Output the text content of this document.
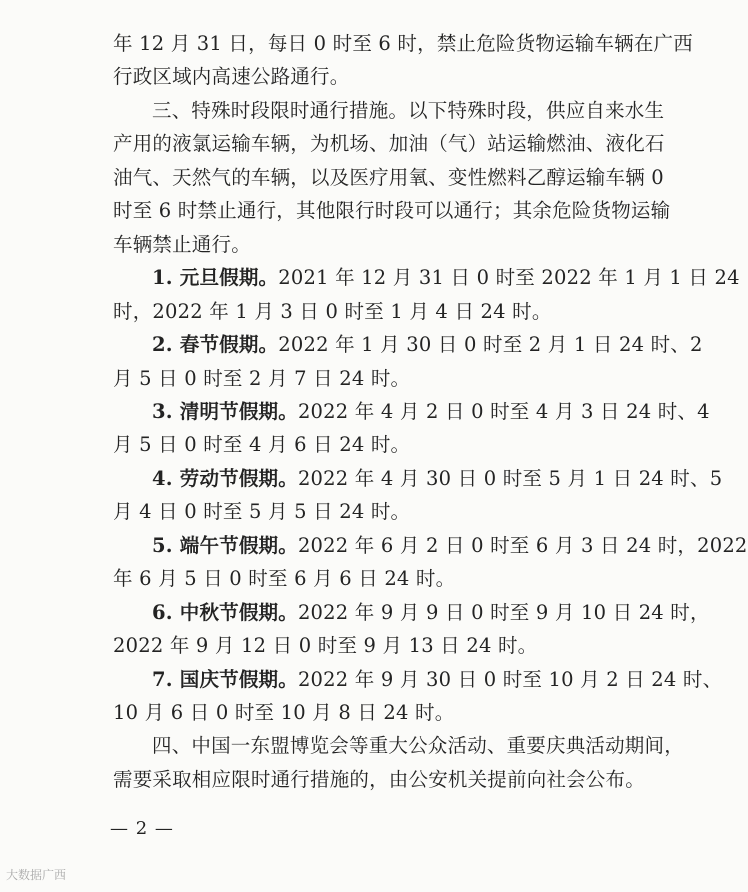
年 12 月 31 日，每日 0 时至 6 时，禁止危险货物运输车辆在广西
行政区域内高速公路通行。
三、特殊时段限时通行措施。以下特殊时段，供应自来水生
产用的液氯运输车辆，为机场、加油（气）站运输燃油、液化石
油气、天然气的车辆，以及医疗用氧、变性燃料乙醇运输车辆 0
时至 6 时禁止通行，其他限行时段可以通行；其余危险货物运输
车辆禁止通行。
1. 元旦假期。2021 年 12 月 31 日 0 时至 2022 年 1 月 1 日 24
时，2022 年 1 月 3 日 0 时至 1 月 4 日 24 时。
2. 春节假期。2022 年 1 月 30 日 0 时至 2 月 1 日 24 时、2
月 5 日 0 时至 2 月 7 日 24 时。
3. 清明节假期。2022 年 4 月 2 日 0 时至 4 月 3 日 24 时、4
月 5 日 0 时至 4 月 6 日 24 时。
4. 劳动节假期。2022 年 4 月 30 日 0 时至 5 月 1 日 24 时、5
月 4 日 0 时至 5 月 5 日 24 时。
5. 端午节假期。2022 年 6 月 2 日 0 时至 6 月 3 日 24 时，2022
年 6 月 5 日 0 时至 6 月 6 日 24 时。
6. 中秋节假期。2022 年 9 月 9 日 0 时至 9 月 10 日 24 时，
2022 年 9 月 12 日 0 时至 9 月 13 日 24 时。
7. 国庆节假期。2022 年 9 月 30 日 0 时至 10 月 2 日 24 时、
10 月 6 日 0 时至 10 月 8 日 24 时。
四、中国一东盟博览会等重大公众活动、重要庆典活动期间，
需要采取相应限时通行措施的，由公安机关提前向社会公布。
— 2 —
大数据广西
